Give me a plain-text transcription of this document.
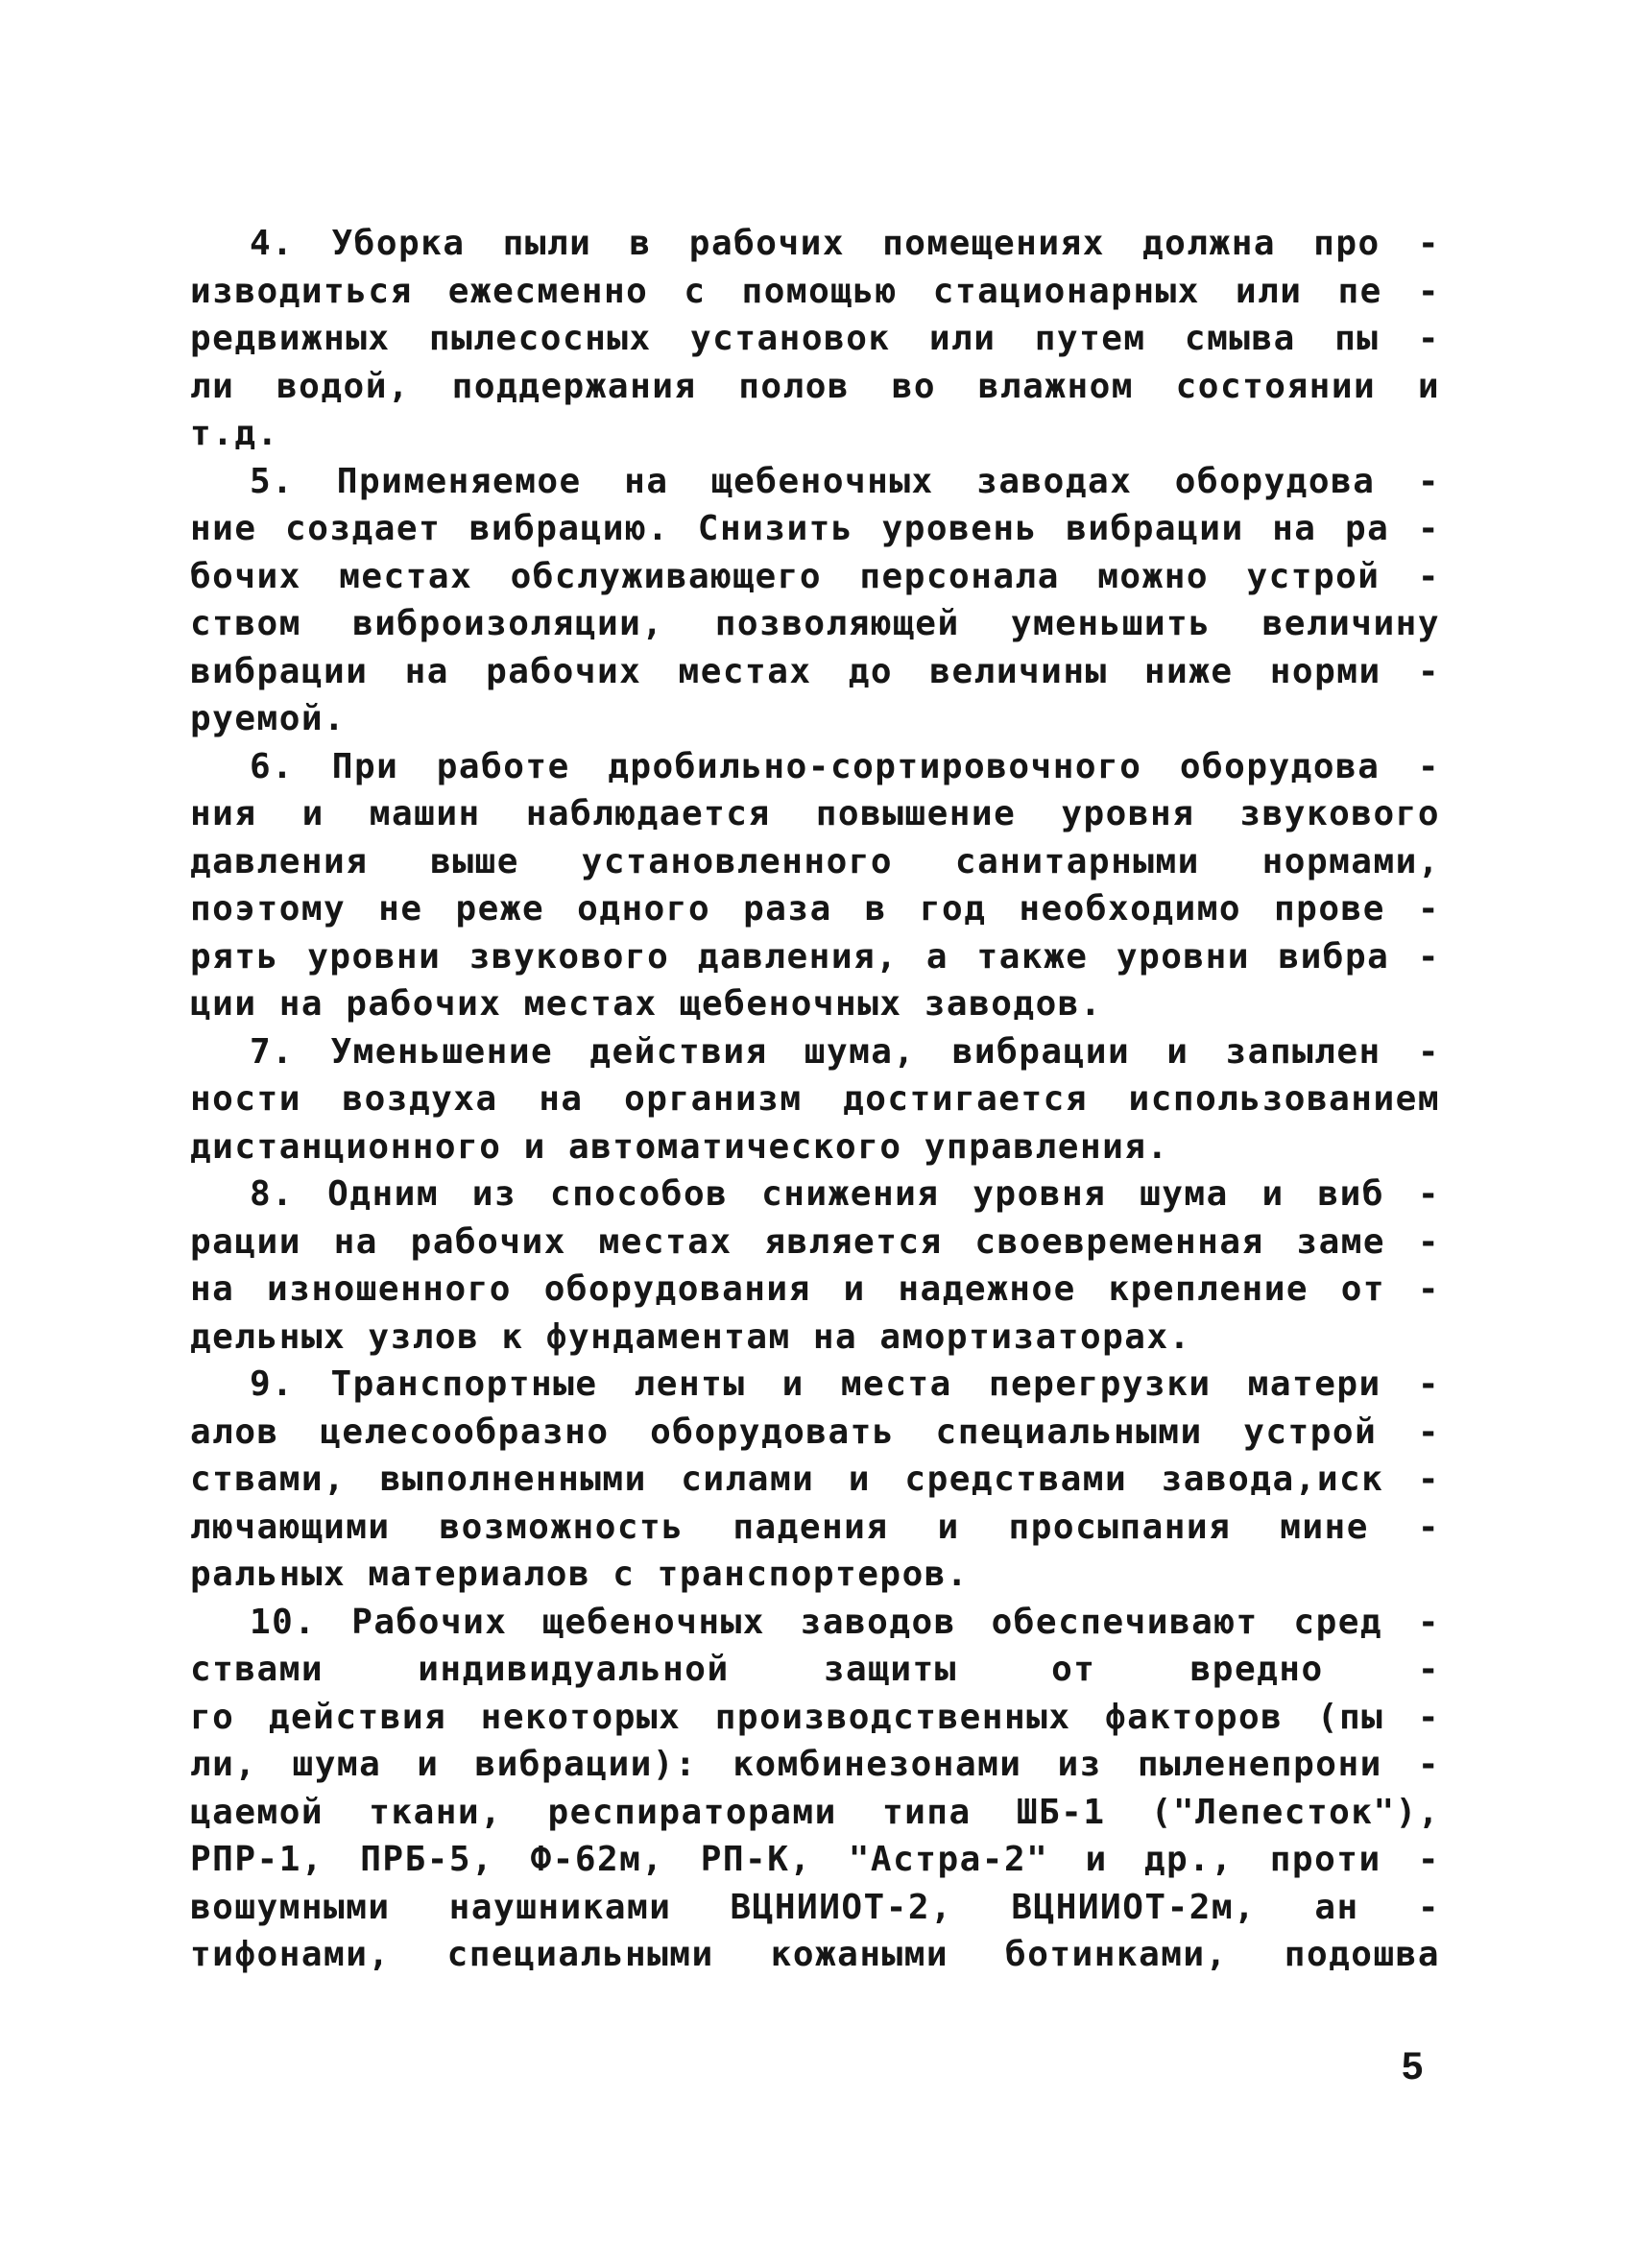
4. Уборка пыли в рабочих помещениях должна про -
изводиться ежесменно с помощью стационарных или пе -
редвижных пылесосных установок или путем смыва пы -
ли водой, поддержания полов во влажном состоянии и
т.д.
5. Применяемое на щебеночных заводах оборудова -
ние создает вибрацию. Снизить уровень вибрации на ра -
бочих местах обслуживающего персонала можно устрой -
ством виброизоляции, позволяющей уменьшить величину
вибрации на рабочих местах до величины ниже норми -
руемой.
6. При работе дробильно-сортировочного оборудова -
ния и машин наблюдается повышение уровня звукового
давления выше установленного санитарными нормами,
поэтому не реже одного раза в год необходимо прове -
рять уровни звукового давления, а также уровни вибра -
ции на рабочих местах щебеночных заводов.
7. Уменьшение действия шума, вибрации и запылен -
ности воздуха на организм достигается использованием
дистанционного и автоматического управления.
8. Одним из способов снижения уровня шума и виб -
рации на рабочих местах является своевременная заме -
на изношенного оборудования и надежное крепление от -
дельных узлов к фундаментам на амортизаторах.
9. Транспортные ленты и места перегрузки матери -
алов целесообразно оборудовать специальными устрой -
ствами, выполненными силами и средствами завода,иск -
лючающими возможность падения и просыпания мине -
ральных материалов с транспортеров.
10. Рабочих щебеночных заводов обеспечивают сред -
ствами индивидуальной защиты от вредно -
го действия некоторых производственных факторов (пы -
ли, шума и вибрации): комбинезонами из пыленепрони -
цаемой ткани, респираторами типа ШБ-1 ("Лепесток"),
РПР-1, ПРБ-5, Ф-62м, РП-К, "Астра-2" и др., проти -
вошумными наушниками ВЦНИИОТ-2, ВЦНИИОТ-2м, ан -
тифонами, специальными кожаными ботинками, подошва
5
